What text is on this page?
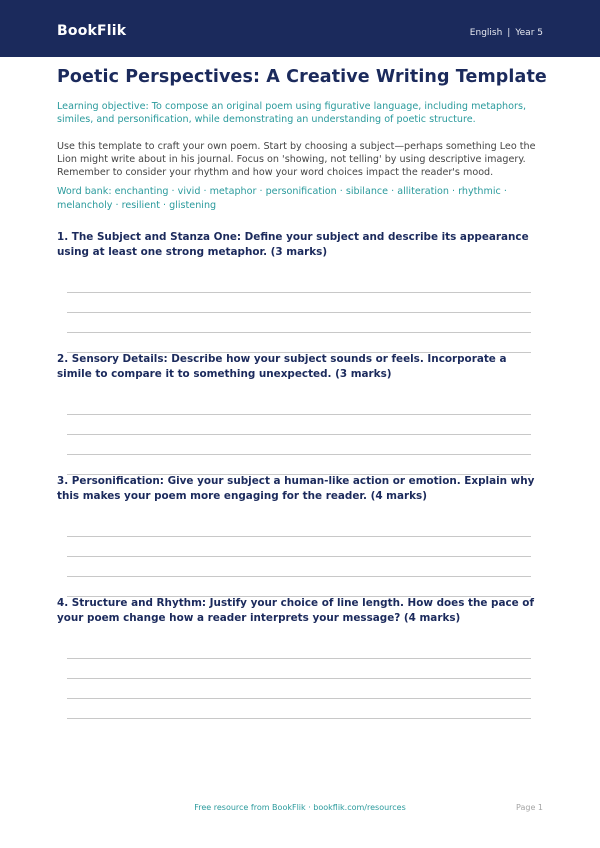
BookFlik	English | Year 5
Poetic Perspectives: A Creative Writing Template
Learning objective: To compose an original poem using figurative language, including metaphors, similes, and personification, while demonstrating an understanding of poetic structure.
Use this template to craft your own poem. Start by choosing a subject—perhaps something Leo the Lion might write about in his journal. Focus on 'showing, not telling' by using descriptive imagery. Remember to consider your rhythm and how your word choices impact the reader's mood.
Word bank: enchanting · vivid · metaphor · personification · sibilance · alliteration · rhythmic · melancholy · resilient · glistening
1. The Subject and Stanza One: Define your subject and describe its appearance using at least one strong metaphor. (3 marks)
2. Sensory Details: Describe how your subject sounds or feels. Incorporate a simile to compare it to something unexpected. (3 marks)
3. Personification: Give your subject a human-like action or emotion. Explain why this makes your poem more engaging for the reader. (4 marks)
4. Structure and Rhythm: Justify your choice of line length. How does the pace of your poem change how a reader interprets your message? (4 marks)
Free resource from BookFlik · bookflik.com/resources	Page 1
